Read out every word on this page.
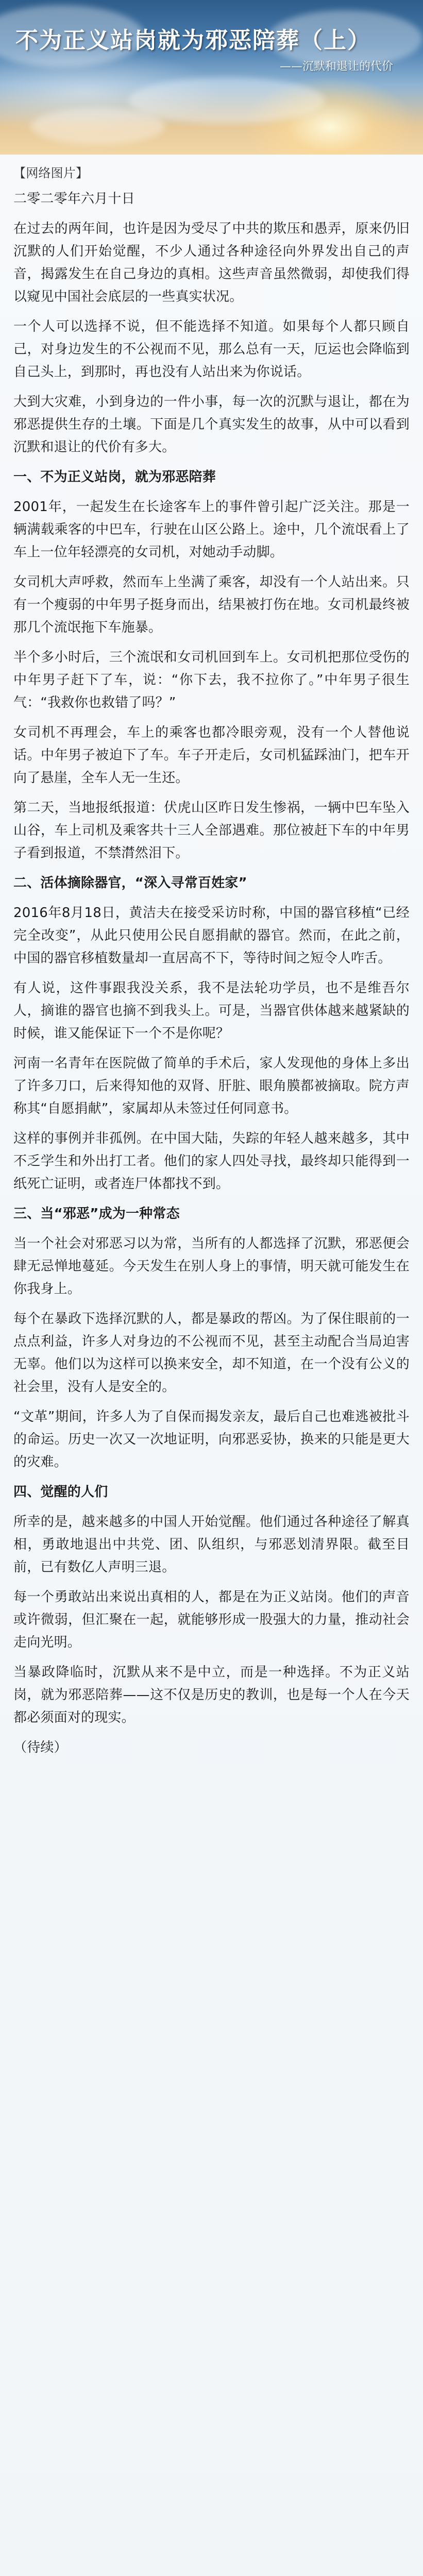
不为正义站岗就为邪恶陪葬（上）
——沉默和退让的代价

【网络图片】

二零二零年六月十日

在过去的两年间，也许是因为受尽了中共的欺压和愚弄，原来仍旧沉默的人们开始觉醒，不少人通过各种途径向外界发出自己的声音，揭露发生在自己身边的真相。这些声音虽然微弱，却使我们得以窥见中国社会底层的一些真实状况。

一个人可以选择不说，但不能选择不知道。如果每个人都只顾自己，对身边发生的不公视而不见，那么总有一天，厄运也会降临到自己头上，到那时，再也没有人站出来为你说话。

大到大灾难，小到身边的一件小事，每一次的沉默与退让，都在为邪恶提供生存的土壤。下面是几个真实发生的故事，从中可以看到沉默和退让的代价有多大。

一、不为正义站岗，就为邪恶陪葬

2001年，一起发生在长途客车上的事件曾引起广泛关注。那是一辆满载乘客的中巴车，行驶在山区公路上。途中，几个流氓看上了车上一位年轻漂亮的女司机，对她动手动脚。

女司机大声呼救，然而车上坐满了乘客，却没有一个人站出来。只有一个瘦弱的中年男子挺身而出，结果被打伤在地。女司机最终被那几个流氓拖下车施暴。

半个多小时后，三个流氓和女司机回到车上。女司机把那位受伤的中年男子赶下了车，说：“你下去，我不拉你了。”中年男子很生气：“我救你也救错了吗？”

女司机不再理会，车上的乘客也都冷眼旁观，没有一个人替他说话。中年男子被迫下了车。车子开走后，女司机猛踩油门，把车开向了悬崖，全车人无一生还。

第二天，当地报纸报道：伏虎山区昨日发生惨祸，一辆中巴车坠入山谷，车上司机及乘客共十三人全部遇难。那位被赶下车的中年男子看到报道，不禁潸然泪下。

二、活体摘除器官，“深入寻常百姓家”

2016年8月18日，黄洁夫在接受采访时称，中国的器官移植“已经完全改变”，从此只使用公民自愿捐献的器官。然而，在此之前，中国的器官移植数量却一直居高不下，等待时间之短令人咋舌。

有人说，这件事跟我没关系，我不是法轮功学员，也不是维吾尔人，摘谁的器官也摘不到我头上。可是，当器官供体越来越紧缺的时候，谁又能保证下一个不是你呢？

河南一名青年在医院做了简单的手术后，家人发现他的身体上多出了许多刀口，后来得知他的双肾、肝脏、眼角膜都被摘取。院方声称其“自愿捐献”，家属却从未签过任何同意书。

这样的事例并非孤例。在中国大陆，失踪的年轻人越来越多，其中不乏学生和外出打工者。他们的家人四处寻找，最终却只能得到一纸死亡证明，或者连尸体都找不到。

三、当“邪恶”成为一种常态

当一个社会对邪恶习以为常，当所有的人都选择了沉默，邪恶便会肆无忌惮地蔓延。今天发生在别人身上的事情，明天就可能发生在你我身上。

每个在暴政下选择沉默的人，都是暴政的帮凶。为了保住眼前的一点点利益，许多人对身边的不公视而不见，甚至主动配合当局迫害无辜。他们以为这样可以换来安全，却不知道，在一个没有公义的社会里，没有人是安全的。

“文革”期间，许多人为了自保而揭发亲友，最后自己也难逃被批斗的命运。历史一次又一次地证明，向邪恶妥协，换来的只能是更大的灾难。

四、觉醒的人们

所幸的是，越来越多的中国人开始觉醒。他们通过各种途径了解真相，勇敢地退出中共党、团、队组织，与邪恶划清界限。截至目前，已有数亿人声明三退。

每一个勇敢站出来说出真相的人，都是在为正义站岗。他们的声音或许微弱，但汇聚在一起，就能够形成一股强大的力量，推动社会走向光明。

当暴政降临时，沉默从来不是中立，而是一种选择。不为正义站岗，就为邪恶陪葬——这不仅是历史的教训，也是每一个人在今天都必须面对的现实。

（待续）
